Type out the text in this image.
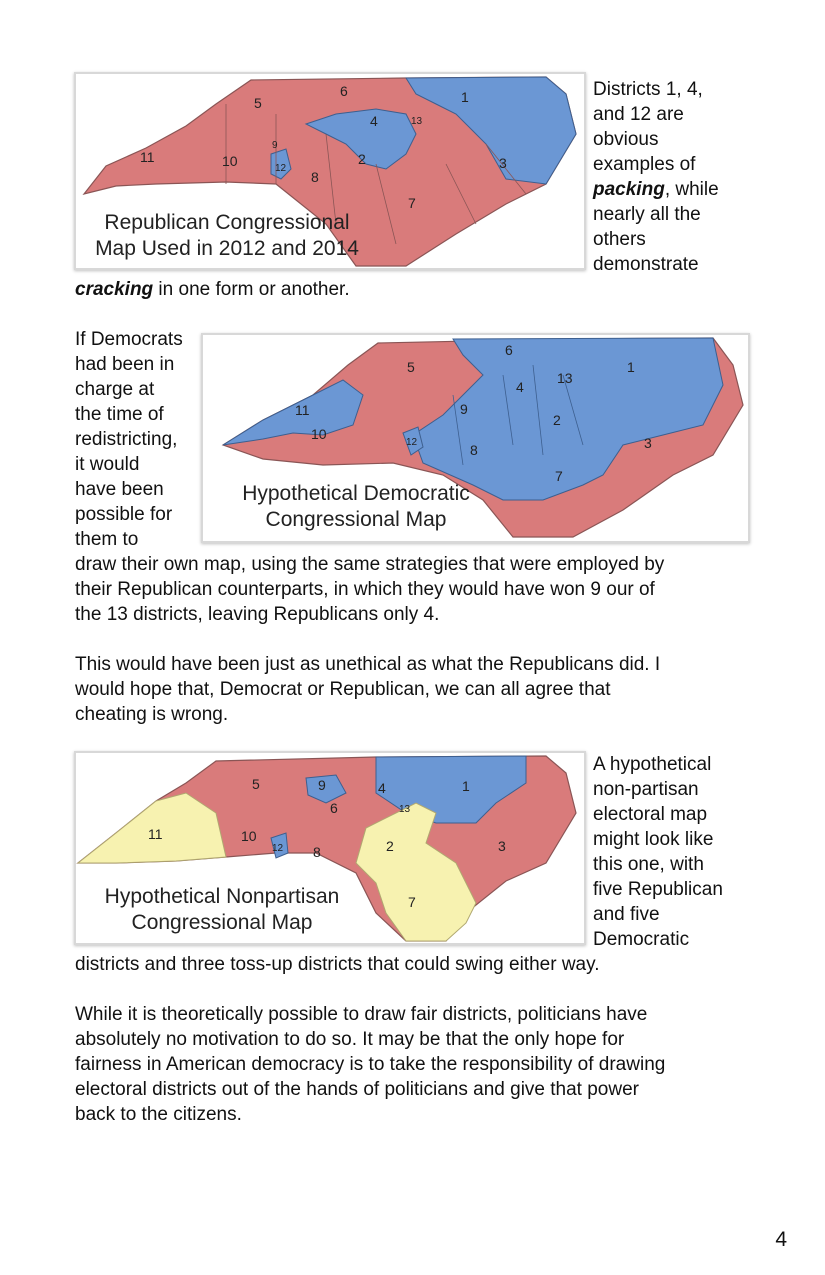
1
2	3
4
5
6
7
8
9
10
11
12
13
Republican Congressional
Map Used in 2012 and 2014
Districts 1, 4,
and 12 are
obvious
examples of
packing, while
nearly all the
others
demonstrate
cracking in one form or another.
If Democrats
had been in
charge at
the time of
redistricting,
it would
have been
possible for
them to
1
2
3
4
5
6
7
8
9
10
11
12
13
Hypothetical Democratic
Congressional Map
draw their own map, using the same strategies that were employed by
their Republican counterparts, in which they would have won 9 our of
the 13 districts, leaving Republicans only 4.
This would have been just as unethical as what the Republicans did. I
would hope that, Democrat or Republican, we can all agree that
cheating is wrong.
1
2	3
4
5
6
7
8
9
10
11
12
13
Hypothetical Nonpartisan
Congressional Map
A hypothetical
non-partisan
electoral map
might look like
this one, with
five Republican
and five
Democratic
districts and three toss-up districts that could swing either way.
While it is theoretically possible to draw fair districts, politicians have
absolutely no motivation to do so. It may be that the only hope for
fairness in American democracy is to take the responsibility of drawing
electoral districts out of the hands of politicians and give that power
back to the citizens.
4
